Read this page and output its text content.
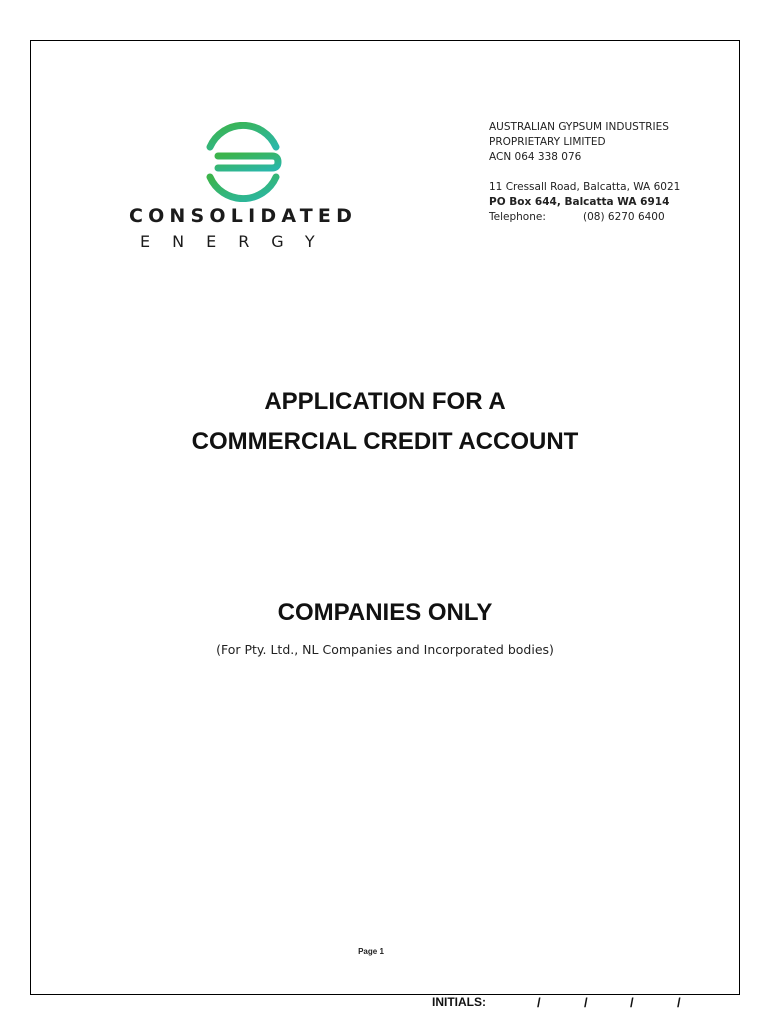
CONSOLIDATED
ENERGY
AUSTRALIAN GYPSUM INDUSTRIES
PROPRIETARY LIMITED
ACN 064 338 076
11 Cressall Road, Balcatta, WA 6021
PO Box 644, Balcatta WA 6914
Telephone:	(08) 6270 6400
APPLICATION FOR A
COMMERCIAL CREDIT ACCOUNT
COMPANIES ONLY
(For Pty. Ltd., NL Companies and Incorporated bodies)
Page 1
INITIALS:	/	/	/	/
